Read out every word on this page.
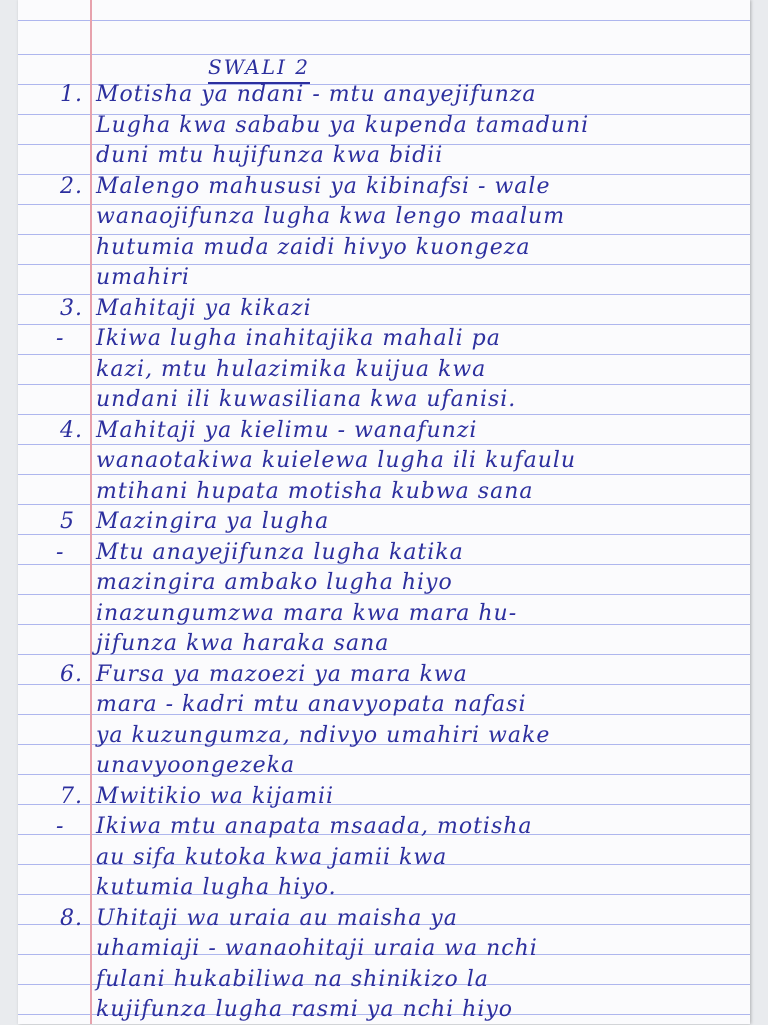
SWALI 2
1. Motisha ya ndani - mtu anayejifunza
Lugha kwa sababu ya kupenda tamaduni
duni mtu hujifunza kwa bidii
2. Malengo mahususi ya kibinafsi - wale
wanaojifunza lugha kwa lengo maalum
hutumia muda zaidi hivyo kuongeza
umahiri
3. Mahitaji ya kikazi
- Ikiwa lugha inahitajika mahali pa
kazi, mtu hulazimika kuijua kwa
undani ili kuwasiliana kwa ufanisi.
4. Mahitaji ya kielimu - wanafunzi
wanaotakiwa kuielewa lugha ili kufaulu
mtihani hupata motisha kubwa sana
5 Mazingira ya lugha
- Mtu anayejifunza lugha katika
mazingira ambako lugha hiyo
inazungumzwa mara kwa mara hu-
jifunza kwa haraka sana
6. Fursa ya mazoezi ya mara kwa
mara - kadri mtu anavyopata nafasi
ya kuzungumza, ndivyo umahiri wake
unavyoongezeka
7. Mwitikio wa kijamii
- Ikiwa mtu anapata msaada, motisha
au sifa kutoka kwa jamii kwa
kutumia lugha hiyo.
8. Uhitaji wa uraia au maisha ya
uhamiaji - wanaohitaji uraia wa nchi
fulani hukabiliwa na shinikizo la
kujifunza lugha rasmi ya nchi hiyo
